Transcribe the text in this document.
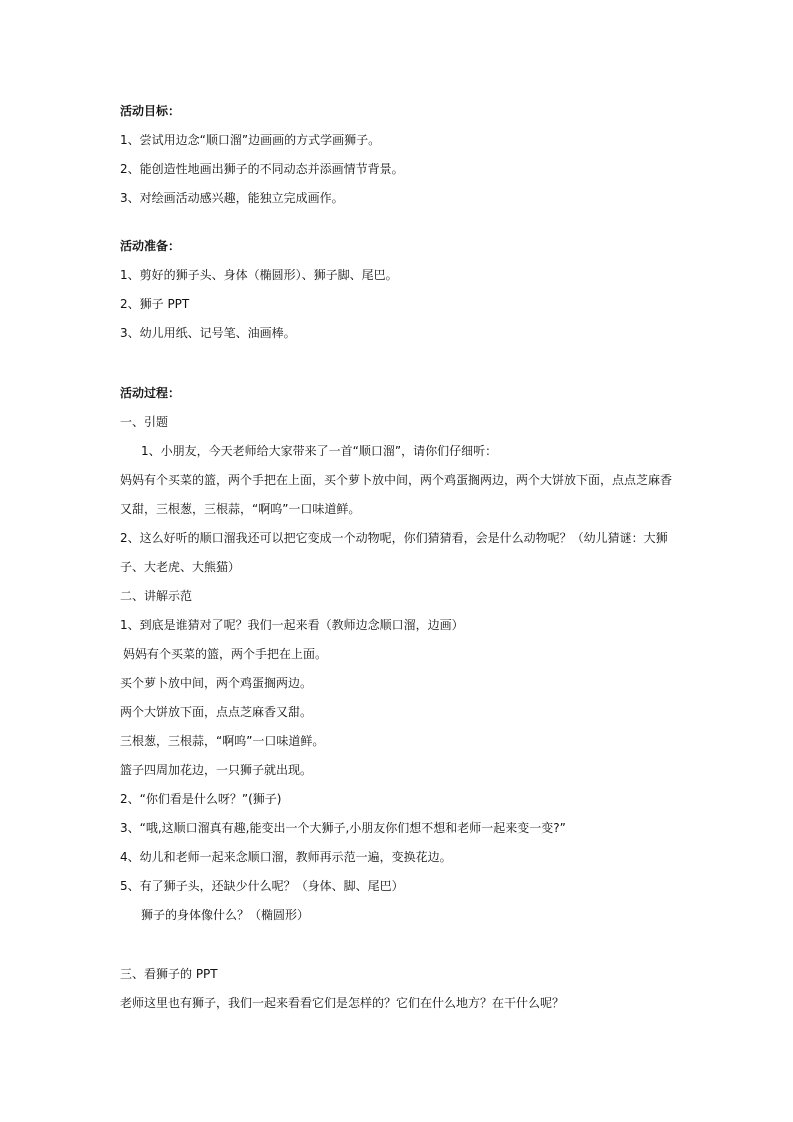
活动目标：

1、尝试用边念“顺口溜”边画画的方式学画狮子。

2、能创造性地画出狮子的不同动态并添画情节背景。

3、对绘画活动感兴趣，能独立完成画作。

活动准备：

1、剪好的狮子头、身体（椭圆形）、狮子脚、尾巴。

2、狮子 PPT

3、幼儿用纸、记号笔、油画棒。

活动过程：

一、引题

1、小朋友，今天老师给大家带来了一首“顺口溜”，请你们仔细听：

妈妈有个买菜的篮，两个手把在上面，买个萝卜放中间，两个鸡蛋搁两边，两个大饼放下面，点点芝麻香

又甜，三根葱，三根蒜，“啊呜”一口味道鲜。

2、这么好听的顺口溜我还可以把它变成一个动物呢，你们猜猜看，会是什么动物呢？（幼儿猜谜：大狮

子、大老虎、大熊猫）

二、讲解示范

1、到底是谁猜对了呢？我们一起来看（教师边念顺口溜，边画）

妈妈有个买菜的篮，两个手把在上面。

买个萝卜放中间，两个鸡蛋搁两边。

两个大饼放下面，点点芝麻香又甜。

三根葱，三根蒜，“啊呜”一口味道鲜。

篮子四周加花边，一只狮子就出现。

2、“你们看是什么呀？”(狮子)

3、“哦,这顺口溜真有趣,能变出一个大狮子,小朋友你们想不想和老师一起来变一变?”

4、幼儿和老师一起来念顺口溜，教师再示范一遍，变换花边。

5、有了狮子头，还缺少什么呢？（身体、脚、尾巴）

狮子的身体像什么？（椭圆形）

三、看狮子的 PPT

老师这里也有狮子，我们一起来看看它们是怎样的？它们在什么地方？在干什么呢？
